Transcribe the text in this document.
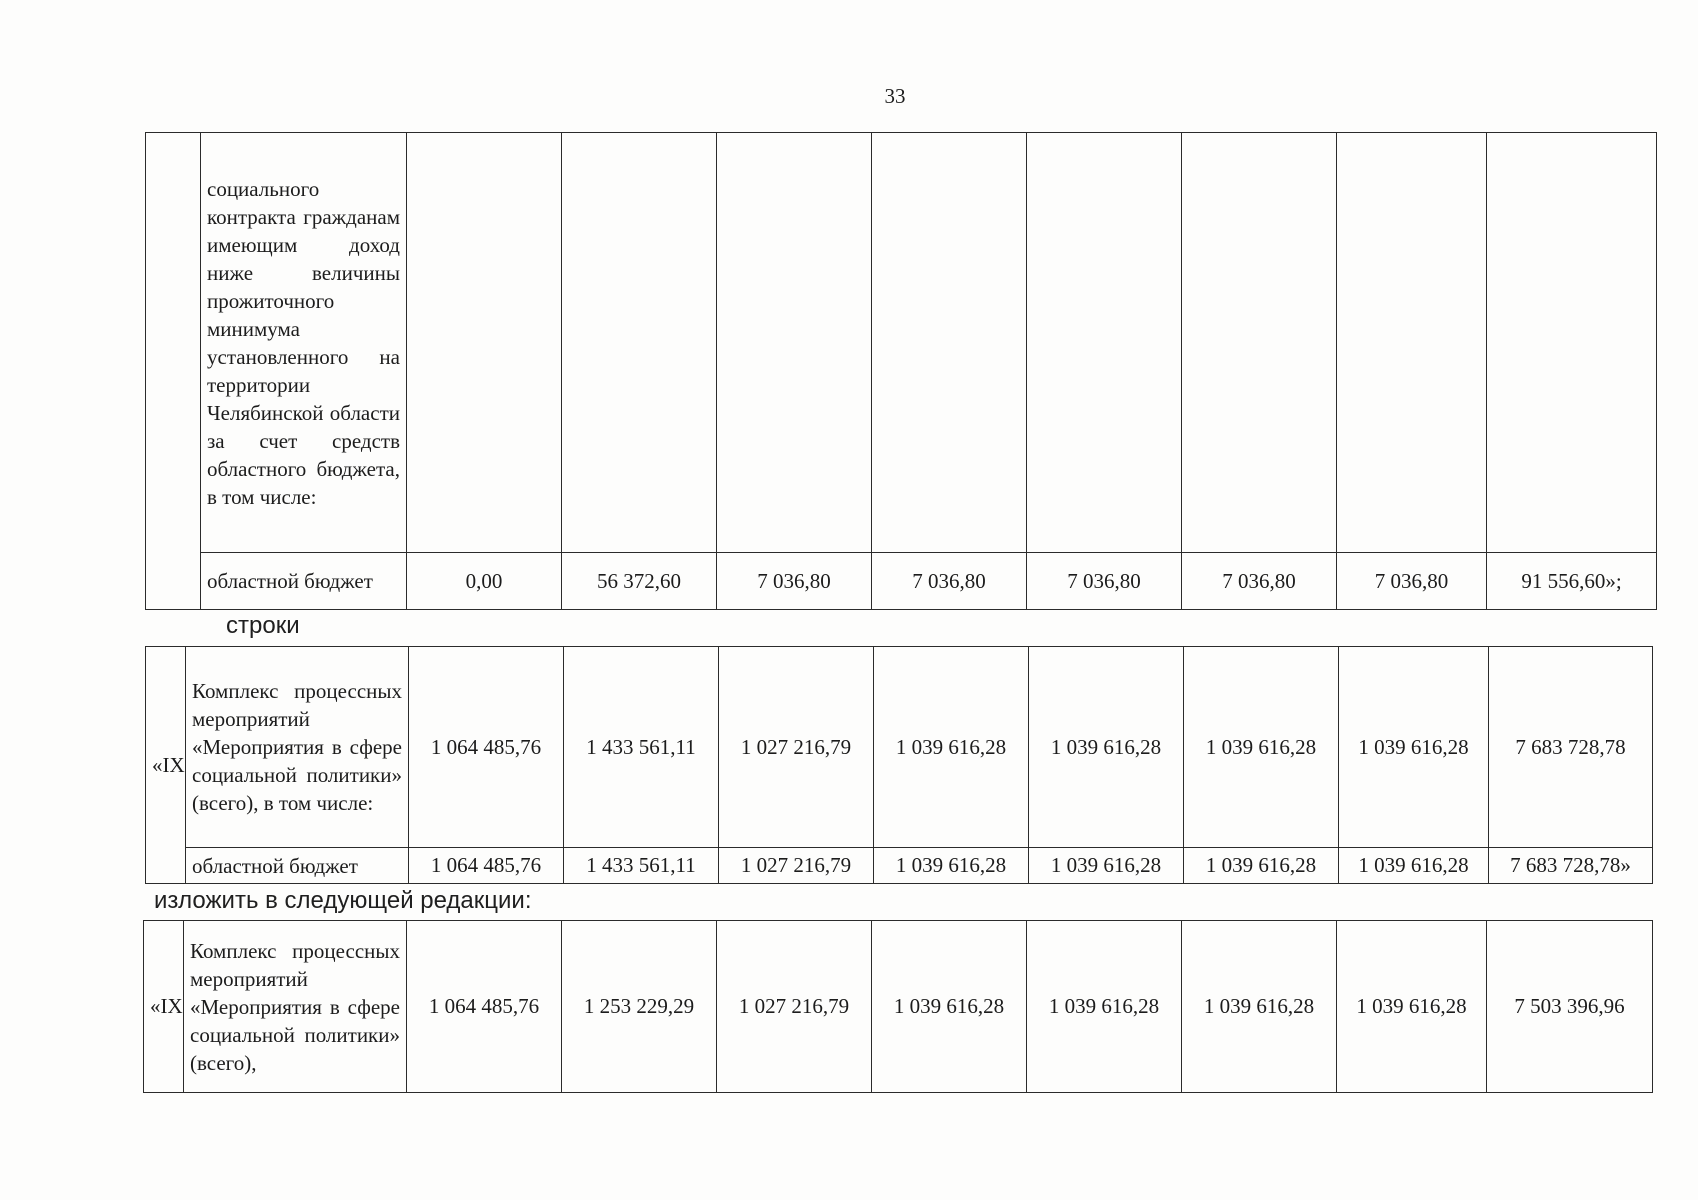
33
	социального контракта гражданам имеющим доход ниже величины прожиточного минимума установленного на территории Челябинской области за счет средств областного бюджета, в том числе:								
	областной бюджет	0,00	56 372,60	7 036,80	7 036,80	7 036,80	7 036,80	7 036,80	91 556,60»;
строки
«IX	Комплекс процессных мероприятий «Мероприятия в сфере социальной политики» (всего), в том числе:	1 064 485,76	1 433 561,11	1 027 216,79	1 039 616,28	1 039 616,28	1 039 616,28	1 039 616,28	7 683 728,78
	областной бюджет	1 064 485,76	1 433 561,11	1 027 216,79	1 039 616,28	1 039 616,28	1 039 616,28	1 039 616,28	7 683 728,78»
изложить в следующей редакции:
«IX	Комплекс процессных мероприятий «Мероприятия в сфере социальной политики» (всего),	1 064 485,76	1 253 229,29	1 027 216,79	1 039 616,28	1 039 616,28	1 039 616,28	1 039 616,28	7 503 396,96
